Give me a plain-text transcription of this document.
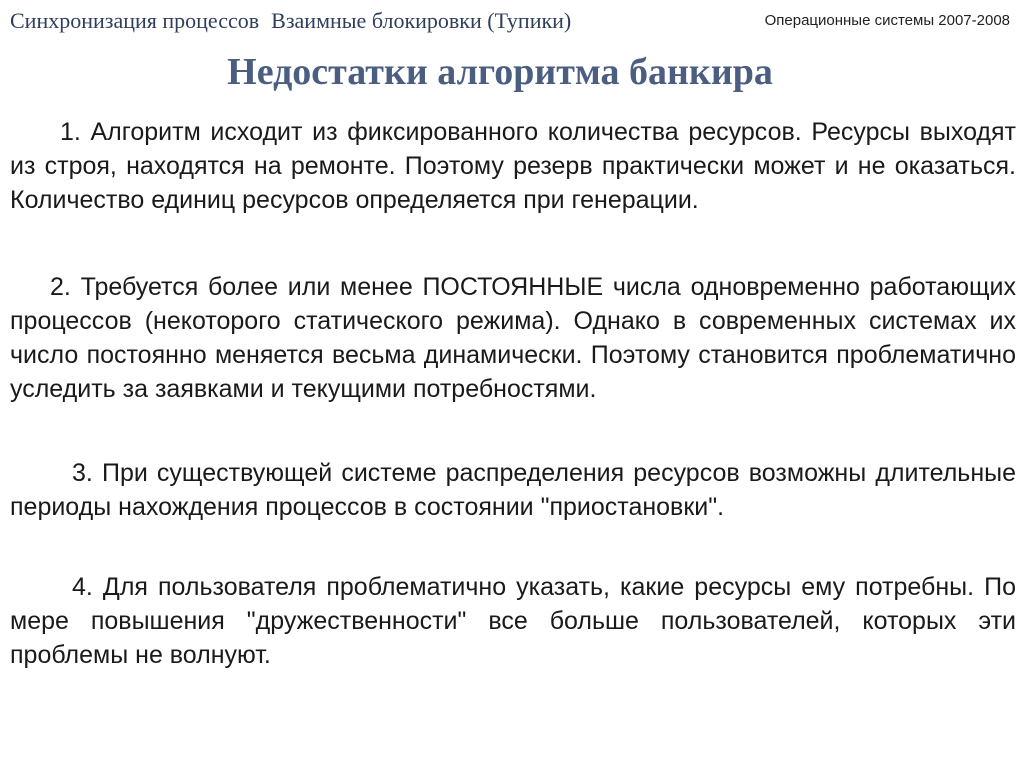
Синхронизация процессов Взаимные блокировки (Тупики)	Операционные системы 2007-2008
Недостатки алгоритма банкира
1. Алгоритм исходит из фиксированного количества ресурсов. Ресурсы выходят из строя, находятся на ремонте. Поэтому резерв практически может и не оказаться. Количество единиц ресурсов определяется при генерации.
2. Требуется более или менее ПОСТОЯННЫЕ числа одновременно работающих процессов (некоторого статического режима). Однако в современных системах их число постоянно меняется весьма динамически. Поэтому становится проблематично уследить за заявками и текущими потребностями.
3. При существующей системе распределения ресурсов возможны длительные периоды нахождения процессов в состоянии "приостановки".
4. Для пользователя проблематично указать, какие ресурсы ему потребны. По мере повышения "дружественности" все больше пользователей, которых эти проблемы не волнуют.
